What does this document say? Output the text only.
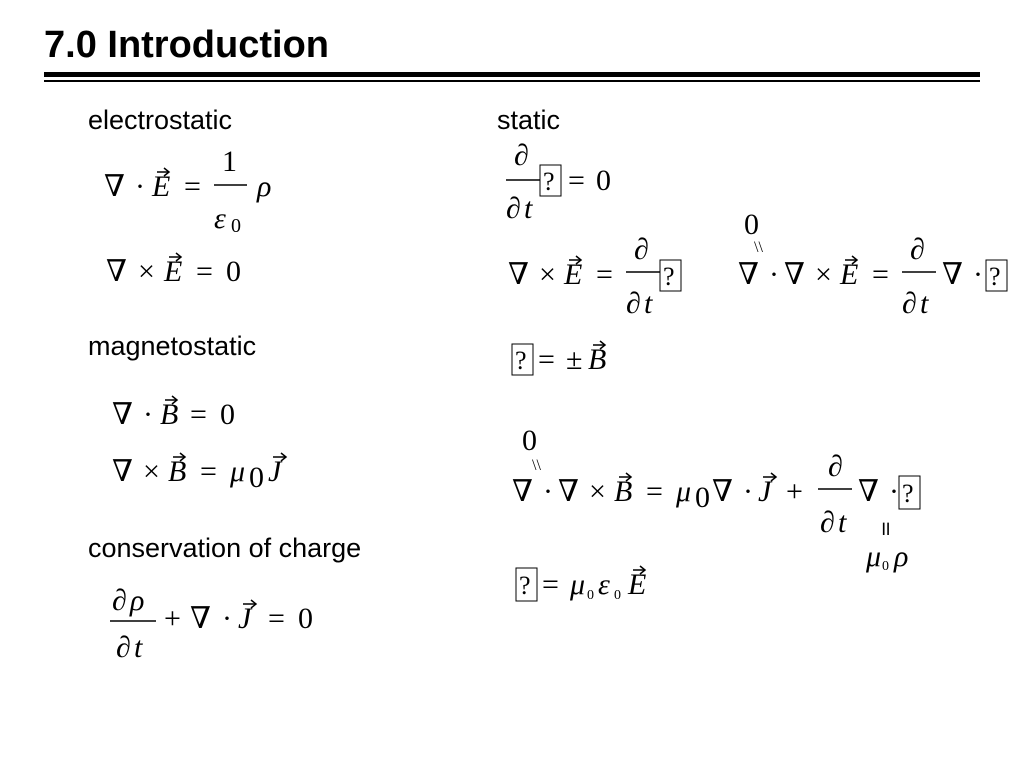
7.0 Introduction
electrostatic
magnetostatic
conservation of charge
static
∇ · E =
1
ε 0
ρ
∇ × E = 0
∇ · B = 0
∇ × B = μ 0 J
∂ ρ
∂ t
+ ∇ · J = 0
∂
∂ t
? = 0
∇ × E =
∂
∂ t
?
0
\\
∇ · ∇ × E =
∂
∂ t
∇ · ?
? = ± B
0
\\
∇ · ∇ × B = μ 0 ∇ · J +
∂
∂ t
∇ · ?
॥
μ 0 ρ
? = μ 0 ε 0 E
